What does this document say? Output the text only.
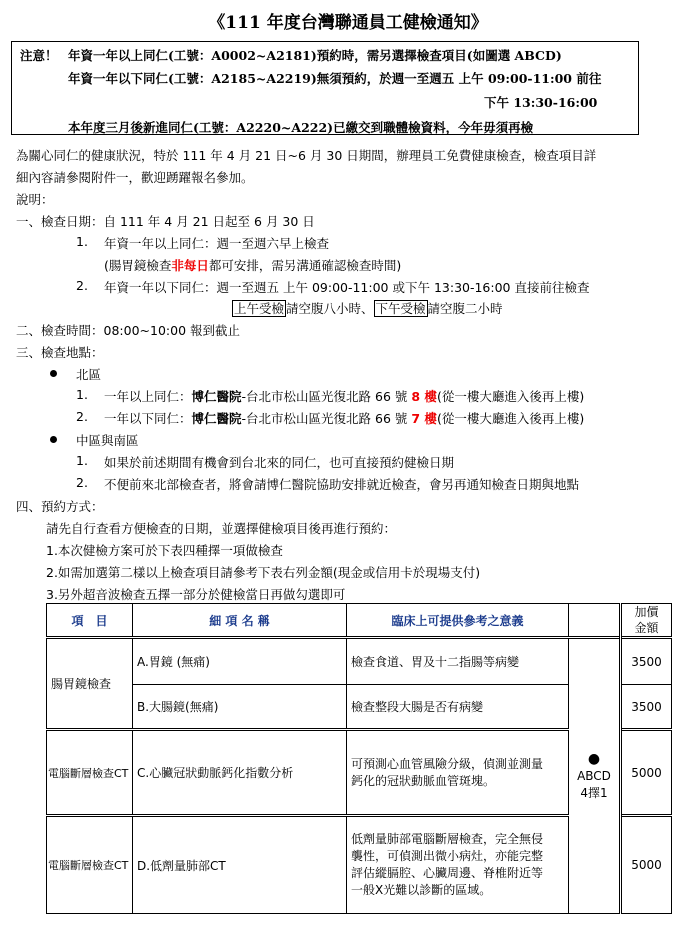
《111 年度台灣聯通員工健檢通知》
注意！ 年資一年以上同仁(工號：A0002~A2181)預約時，需另選擇檢查項目(如圖選 ABCD)
年資一年以下同仁(工號：A2185~A2219)無須預約，於週一至週五 上午 09:00-11:00 前往
下午 13:30-16:00
本年度三月後新進同仁(工號：A2220~A222)已繳交到職體檢資料，今年毋須再檢
為關心同仁的健康狀況，特於 111 年 4 月 21 日~6 月 30 日期間，辦理員工免費健康檢查，檢查項目詳
細內容請參閱附件一，歡迎踴躍報名參加。
說明：
一、檢查日期：自 111 年 4 月 21 日起至 6 月 30 日
1. 年資一年以上同仁：週一至週六早上檢查
(腸胃鏡檢查非每日都可安排，需另溝通確認檢查時間)
2. 年資一年以下同仁：週一至週五 上午 09:00-11:00 或下午 13:30-16:00 直接前往檢查
上午受檢 請空腹八小時、 下午受檢 請空腹二小時
二、檢查時間：08:00~10:00 報到截止
三、檢查地點：
北區
1. 一年以上同仁：博仁醫院-台北市松山區光復北路 66 號 8 樓(從一樓大廳進入後再上樓)
2. 一年以下同仁：博仁醫院-台北市松山區光復北路 66 號 7 樓(從一樓大廳進入後再上樓)
中區與南區
1. 如果於前述期間有機會到台北來的同仁，也可直接預約健檢日期
2. 不便前來北部檢查者，將會請博仁醫院協助安排就近檢查，會另再通知檢查日期與地點
四、預約方式：
請先自行查看方便檢查的日期，並選擇健檢項目後再進行預約：
1.本次健檢方案可於下表四種擇一項做檢查
2.如需加選第二樣以上檢查項目請參考下表右列金額(現金或信用卡於現場支付)
3.另外超音波檢查五擇一部分於健檢當日再做勾選即可
項　目	細 項 名 稱	臨床上可提供參考之意義		加價
金額

腸胃鏡檢查	A.胃鏡 (無痛)	檢查食道、胃及十二指腸等病變	●
ABCD
4擇1	3500
	B.大腸鏡(無痛)	檢查整段大腸是否有病變		3500
電腦斷層檢查CT	C.心臟冠狀動脈鈣化指數分析	可預測心血管風險分級，偵測並測量
鈣化的冠狀動脈血管斑塊。		5000
電腦斷層檢查CT	D.低劑量肺部CT	低劑量肺部電腦斷層檢查，完全無侵
襲性，可偵測出微小病灶，亦能完整
評估縱膈腔、心臟周邊、脊椎附近等
一般X光難以診斷的區域。		5000
